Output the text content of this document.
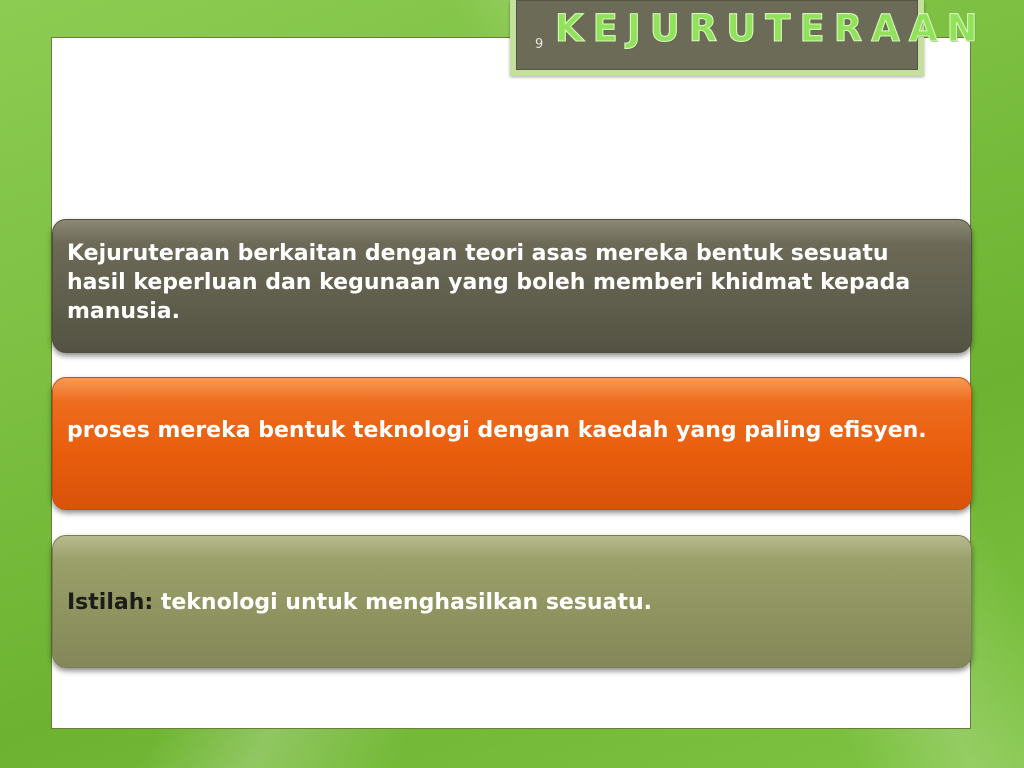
9 KEJURUTERAAN
Kejuruteraan berkaitan dengan teori asas mereka bentuk sesuatu hasil keperluan dan kegunaan yang boleh memberi khidmat kepada manusia.
proses mereka bentuk teknologi dengan kaedah yang paling efisyen.
Istilah: teknologi untuk menghasilkan sesuatu.
